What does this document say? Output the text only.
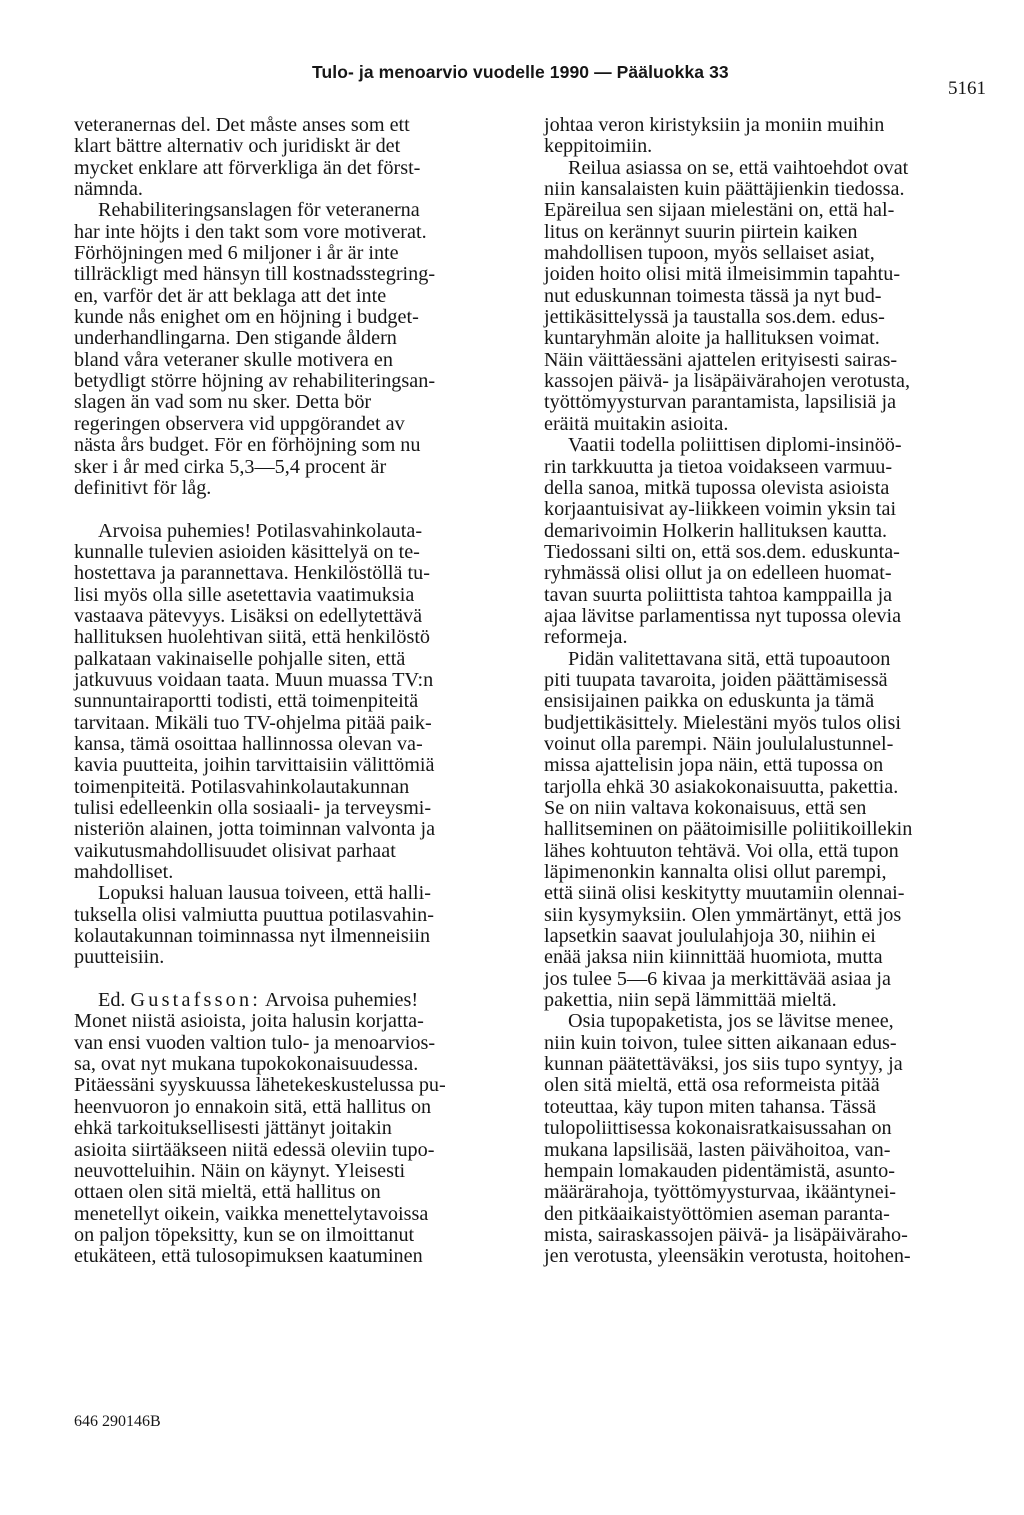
Tulo- ja menoarvio vuodelle 1990 — Pääluokka 33
5161
veteranernas del. Det måste anses som ett
klart bättre alternativ och juridiskt är det
mycket enklare att förverkliga än det först-
nämnda.
Rehabiliteringsanslagen för veteranerna
har inte höjts i den takt som vore motiverat.
Förhöjningen med 6 miljoner i år är inte
tillräckligt med hänsyn till kostnadsstegring-
en, varför det är att beklaga att det inte
kunde nås enighet om en höjning i budget-
underhandlingarna. Den stigande åldern
bland våra veteraner skulle motivera en
betydligt större höjning av rehabiliteringsan-
slagen än vad som nu sker. Detta bör
regeringen observera vid uppgörandet av
nästa års budget. För en förhöjning som nu
sker i år med cirka 5,3—5,4 procent är
definitivt för låg.
Arvoisa puhemies! Potilasvahinkolauta-
kunnalle tulevien asioiden käsittelyä on te-
hostettava ja parannettava. Henkilöstöllä tu-
lisi myös olla sille asetettavia vaatimuksia
vastaava pätevyys. Lisäksi on edellytettävä
hallituksen huolehtivan siitä, että henkilöstö
palkataan vakinaiselle pohjalle siten, että
jatkuvuus voidaan taata. Muun muassa TV:n
sunnuntairaportti todisti, että toimenpiteitä
tarvitaan. Mikäli tuo TV-ohjelma pitää paik-
kansa, tämä osoittaa hallinnossa olevan va-
kavia puutteita, joihin tarvittaisiin välittömiä
toimenpiteitä. Potilasvahinkolautakunnan
tulisi edelleenkin olla sosiaali- ja terveysmi-
nisteriön alainen, jotta toiminnan valvonta ja
vaikutusmahdollisuudet olisivat parhaat
mahdolliset.
Lopuksi haluan lausua toiveen, että halli-
tuksella olisi valmiutta puuttua potilasvahin-
kolautakunnan toiminnassa nyt ilmenneisiin
puutteisiin.
Ed. Gustafsson: Arvoisa puhemies!
Monet niistä asioista, joita halusin korjatta-
van ensi vuoden valtion tulo- ja menoarvios-
sa, ovat nyt mukana tupokokonaisuudessa.
Pitäessäni syyskuussa lähetekeskustelussa pu-
heenvuoron jo ennakoin sitä, että hallitus on
ehkä tarkoituksellisesti jättänyt joitakin
asioita siirtääkseen niitä edessä oleviin tupo-
neuvotteluihin. Näin on käynyt. Yleisesti
ottaen olen sitä mieltä, että hallitus on
menetellyt oikein, vaikka menettelytavoissa
on paljon töpeksitty, kun se on ilmoittanut
etukäteen, että tulosopimuksen kaatuminen
johtaa veron kiristyksiin ja moniin muihin
keppitoimiin.
Reilua asiassa on se, että vaihtoehdot ovat
niin kansalaisten kuin päättäjienkin tiedossa.
Epäreilua sen sijaan mielestäni on, että hal-
litus on kerännyt suurin piirtein kaiken
mahdollisen tupoon, myös sellaiset asiat,
joiden hoito olisi mitä ilmeisimmin tapahtu-
nut eduskunnan toimesta tässä ja nyt bud-
jettikäsittelyssä ja taustalla sos.dem. edus-
kuntaryhmän aloite ja hallituksen voimat.
Näin väittäessäni ajattelen erityisesti sairas-
kassojen päivä- ja lisäpäivärahojen verotusta,
työttömyysturvan parantamista, lapsilisiä ja
eräitä muitakin asioita.
Vaatii todella poliittisen diplomi-insinöö-
rin tarkkuutta ja tietoa voidakseen varmuu-
della sanoa, mitkä tupossa olevista asioista
korjaantuisivat ay-liikkeen voimin yksin tai
demarivoimin Holkerin hallituksen kautta.
Tiedossani silti on, että sos.dem. eduskunta-
ryhmässä olisi ollut ja on edelleen huomat-
tavan suurta poliittista tahtoa kamppailla ja
ajaa lävitse parlamentissa nyt tupossa olevia
reformeja.
Pidän valitettavana sitä, että tupoautoon
piti tuupata tavaroita, joiden päättämisessä
ensisijainen paikka on eduskunta ja tämä
budjettikäsittely. Mielestäni myös tulos olisi
voinut olla parempi. Näin joululalustunnel-
missa ajattelisin jopa näin, että tupossa on
tarjolla ehkä 30 asiakokonaisuutta, pakettia.
Se on niin valtava kokonaisuus, että sen
hallitseminen on päätoimisille poliitikoillekin
lähes kohtuuton tehtävä. Voi olla, että tupon
läpimenonkin kannalta olisi ollut parempi,
että siinä olisi keskitytty muutamiin olennai-
siin kysymyksiin. Olen ymmärtänyt, että jos
lapsetkin saavat joululahjoja 30, niihin ei
enää jaksa niin kiinnittää huomiota, mutta
jos tulee 5—6 kivaa ja merkittävää asiaa ja
pakettia, niin sepä lämmittää mieltä.
Osia tupopaketista, jos se lävitse menee,
niin kuin toivon, tulee sitten aikanaan edus-
kunnan päätettäväksi, jos siis tupo syntyy, ja
olen sitä mieltä, että osa reformeista pitää
toteuttaa, käy tupon miten tahansa. Tässä
tulopoliittisessa kokonaisratkaisussahan on
mukana lapsilisää, lasten päivähoitoa, van-
hempain lomakauden pidentämistä, asunto-
määrärahoja, työttömyysturvaa, ikääntynei-
den pitkäaikaistyöttömien aseman paranta-
mista, sairaskassojen päivä- ja lisäpäiväraho-
jen verotusta, yleensäkin verotusta, hoitohen-
646 290146B
